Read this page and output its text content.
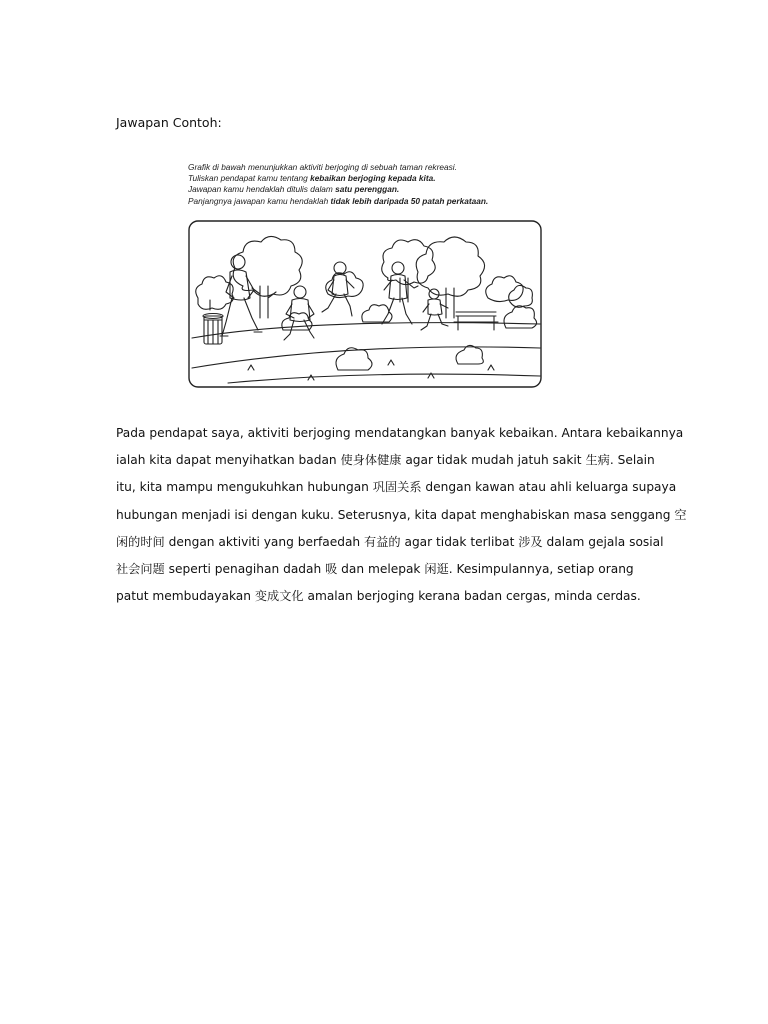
Jawapan Contoh:
Grafik di bawah menunjukkan aktiviti berjoging di sebuah taman rekreasi.
Tuliskan pendapat kamu tentang kebaikan berjoging kepada kita.
Jawapan kamu hendaklah ditulis dalam satu perenggan.
Panjangnya jawapan kamu hendaklah tidak lebih daripada 50 patah perkataan.
Pada pendapat saya, aktiviti berjoging mendatangkan banyak kebaikan. Antara kebaikannya
ialah kita dapat menyihatkan badan 使身体健康 agar tidak mudah jatuh sakit 生病. Selain
itu, kita mampu mengukuhkan hubungan 巩固关系 dengan kawan atau ahli keluarga supaya
hubungan menjadi isi dengan kuku. Seterusnya, kita dapat menghabiskan masa senggang 空
闲的时间 dengan aktiviti yang berfaedah 有益的 agar tidak terlibat 涉及 dalam gejala sosial
社会问题 seperti penagihan dadah 吸 dan melepak 闲逛. Kesimpulannya, setiap orang
patut membudayakan 变成文化 amalan berjoging kerana badan cergas, minda cerdas.
